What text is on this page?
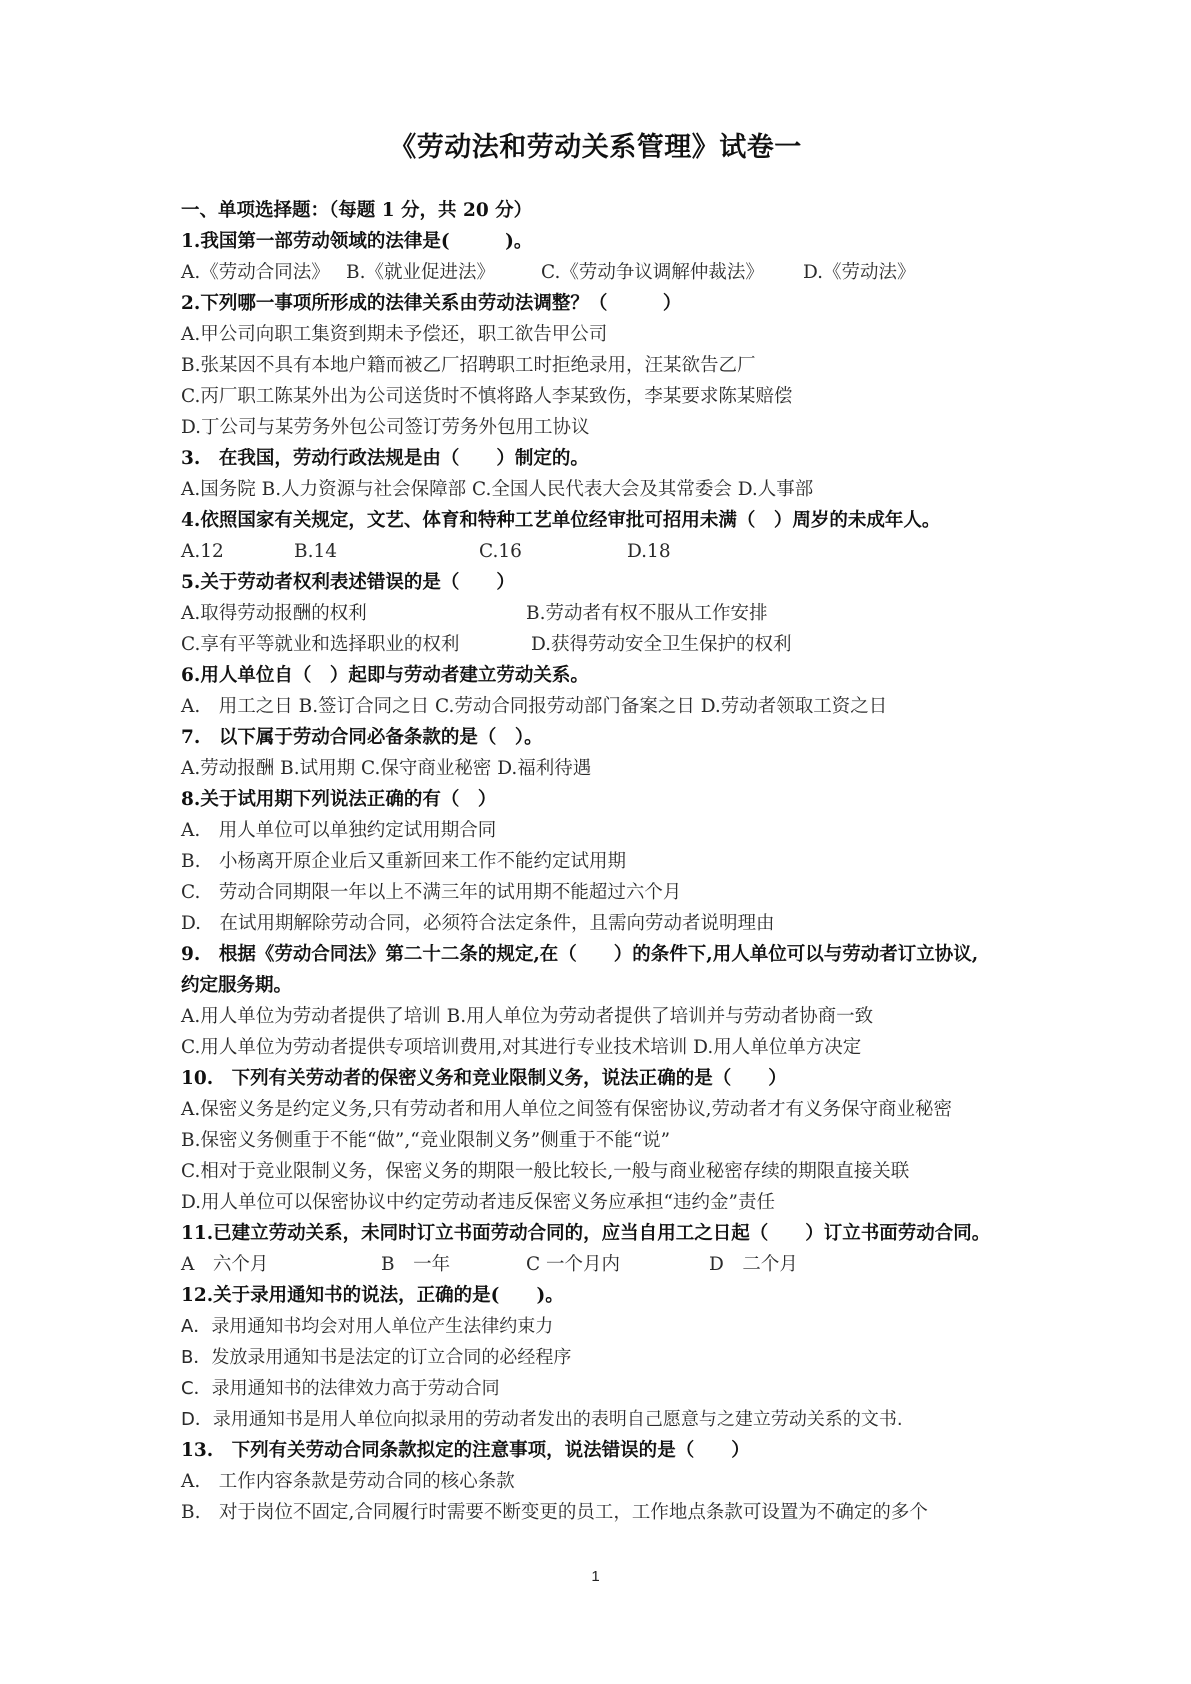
《劳动法和劳动关系管理》试卷一
一、单项选择题：（每题 1 分，共 20 分）
1.我国第一部劳动领域的法律是(　　　)。
A.《劳动合同法》 B.《就业促进法》 C.《劳动争议调解仲裁法》 D.《劳动法》
2.下列哪一事项所形成的法律关系由劳动法调整？（　　　）
A.甲公司向职工集资到期未予偿还，职工欲告甲公司
B.张某因不具有本地户籍而被乙厂招聘职工时拒绝录用，汪某欲告乙厂
C.丙厂职工陈某外出为公司送货时不慎将路人李某致伤，李某要求陈某赔偿
D.丁公司与某劳务外包公司签订劳务外包用工协议
3.　在我国，劳动行政法规是由（　　）制定的。
A.国务院 B.人力资源与社会保障部 C.全国人民代表大会及其常委会 D.人事部
4.依照国家有关规定，文艺、体育和特种工艺单位经审批可招用未满（　）周岁的未成年人。
A.12	B.14	C.16	D.18
5.关于劳动者权利表述错误的是（　　）
A.取得劳动报酬的权利	B.劳动者有权不服从工作安排
C.享有平等就业和选择职业的权利	D.获得劳动安全卫生保护的权利
6.用人单位自（　）起即与劳动者建立劳动关系。
A.　用工之日 B.签订合同之日 C.劳动合同报劳动部门备案之日 D.劳动者领取工资之日
7.　以下属于劳动合同必备条款的是（　）。
A.劳动报酬 B.试用期 C.保守商业秘密 D.福利待遇
8.关于试用期下列说法正确的有（　）
A.　用人单位可以单独约定试用期合同
B.　小杨离开原企业后又重新回来工作不能约定试用期
C.　劳动合同期限一年以上不满三年的试用期不能超过六个月
D.　在试用期解除劳动合同，必须符合法定条件，且需向劳动者说明理由
9.　根据《劳动合同法》第二十二条的规定,在（　　）的条件下,用人单位可以与劳动者订立协议,
约定服务期。
A.用人单位为劳动者提供了培训 B.用人单位为劳动者提供了培训并与劳动者协商一致
C.用人单位为劳动者提供专项培训费用,对其进行专业技术培训 D.用人单位单方决定
10.　下列有关劳动者的保密义务和竞业限制义务，说法正确的是（　　）
A.保密义务是约定义务,只有劳动者和用人单位之间签有保密协议,劳动者才有义务保守商业秘密
B.保密义务侧重于不能“做”,“竞业限制义务”侧重于不能“说”
C.相对于竞业限制义务，保密义务的期限一般比较长,一般与商业秘密存续的期限直接关联
D.用人单位可以保密协议中约定劳动者违反保密义务应承担“违约金”责任
11.已建立劳动关系，未同时订立书面劳动合同的，应当自用工之日起（　　）订立书面劳动合同。
A　六个月	B　一年	C 一个月内	D　二个月
12.关于录用通知书的说法，正确的是(　　)。
A．录用通知书均会对用人单位产生法律约束力
B．发放录用通知书是法定的订立合同的必经程序
C．录用通知书的法律效力高于劳动合同
D．录用通知书是用人单位向拟录用的劳动者发出的表明自己愿意与之建立劳动关系的文书.
13.　下列有关劳动合同条款拟定的注意事项，说法错误的是（　　）
A.　工作内容条款是劳动合同的核心条款
B.　对于岗位不固定,合同履行时需要不断变更的员工，工作地点条款可设置为不确定的多个
1
